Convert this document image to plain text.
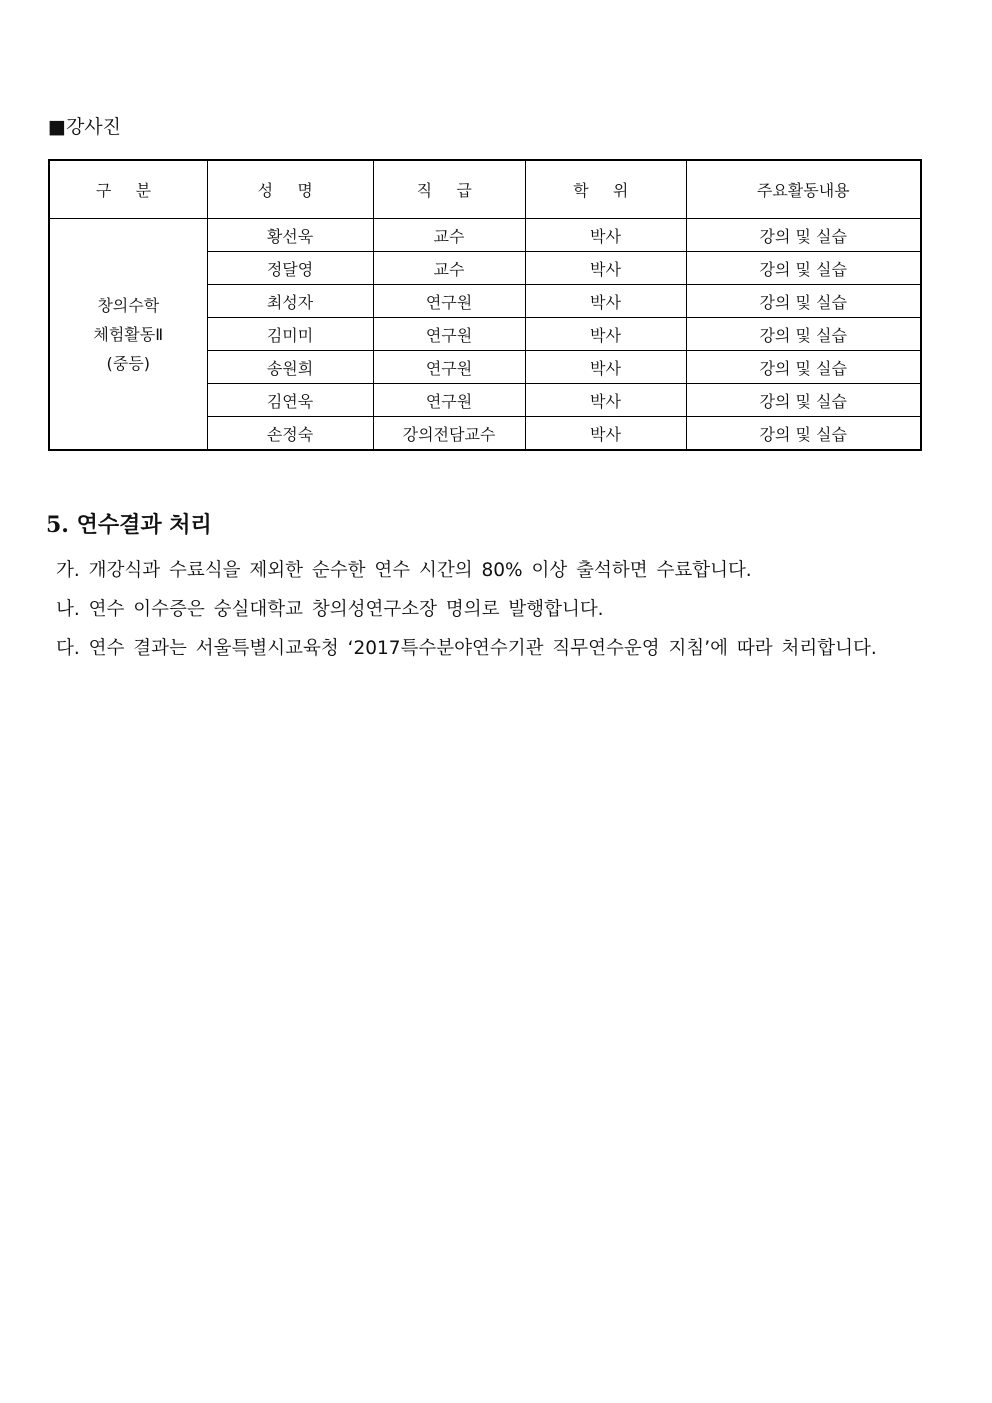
■강사진
구 분	성 명	직 급	학 위	주요활동내용

창의수학
체험활동Ⅱ
(중등)	황선욱	교수	박사	강의 및 실습
	정달영	교수	박사	강의 및 실습
	최성자	연구원	박사	강의 및 실습
	김미미	연구원	박사	강의 및 실습
	송원희	연구원	박사	강의 및 실습
	김연욱	연구원	박사	강의 및 실습
	손정숙	강의전담교수	박사	강의 및 실습
5. 연수결과 처리
가. 개강식과 수료식을 제외한 순수한 연수 시간의 80% 이상 출석하면 수료합니다.
나. 연수 이수증은 숭실대학교 창의성연구소장 명의로 발행합니다.
다. 연수 결과는 서울특별시교육청 ‘2017특수분야연수기관 직무연수운영 지침’에 따라 처리합니다.
